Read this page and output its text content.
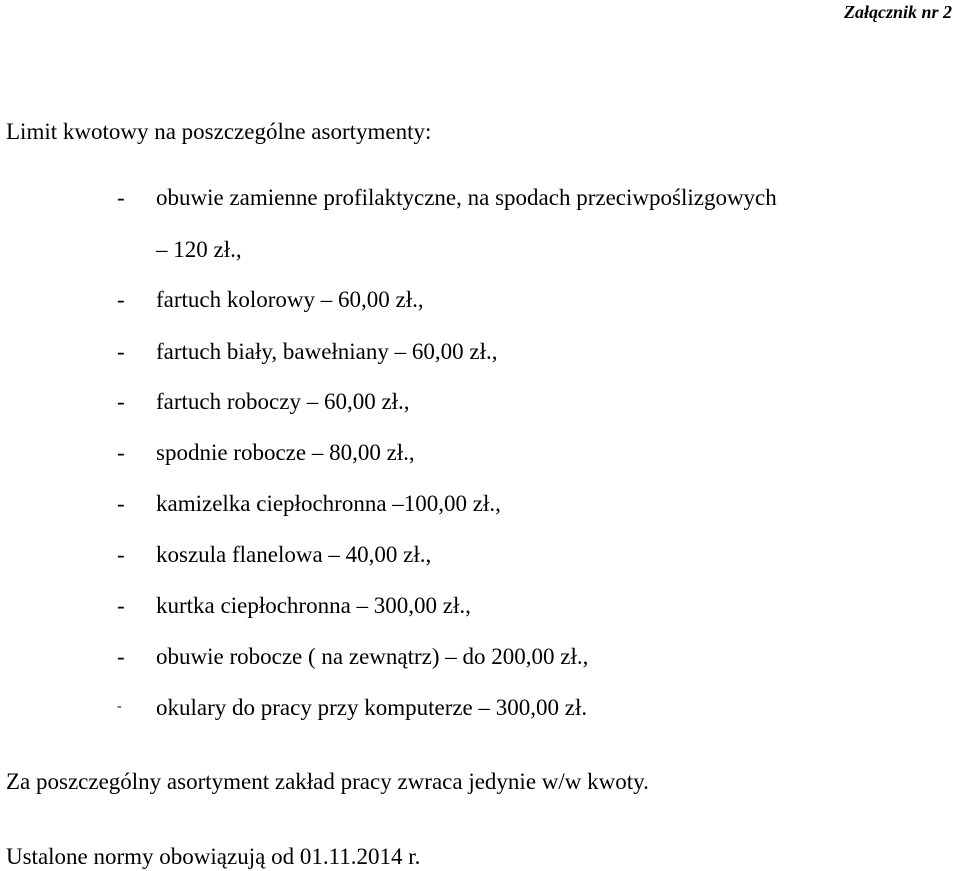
Załącznik nr 2
Limit kwotowy na poszczególne asortymenty:
- obuwie zamienne profilaktyczne, na spodach przeciwpoślizgowych
– 120 zł.,
- fartuch kolorowy – 60,00 zł.,
- fartuch biały, bawełniany – 60,00 zł.,
- fartuch roboczy – 60,00 zł.,
- spodnie robocze – 80,00 zł.,
- kamizelka ciepłochronna –100,00 zł.,
- koszula flanelowa – 40,00 zł.,
- kurtka ciepłochronna – 300,00 zł.,
- obuwie robocze ( na zewnątrz) – do 200,00 zł.,
- okulary do pracy przy komputerze – 300,00 zł.
Za poszczególny asortyment zakład pracy zwraca jedynie w/w kwoty.
Ustalone normy obowiązują od 01.11.2014 r.
